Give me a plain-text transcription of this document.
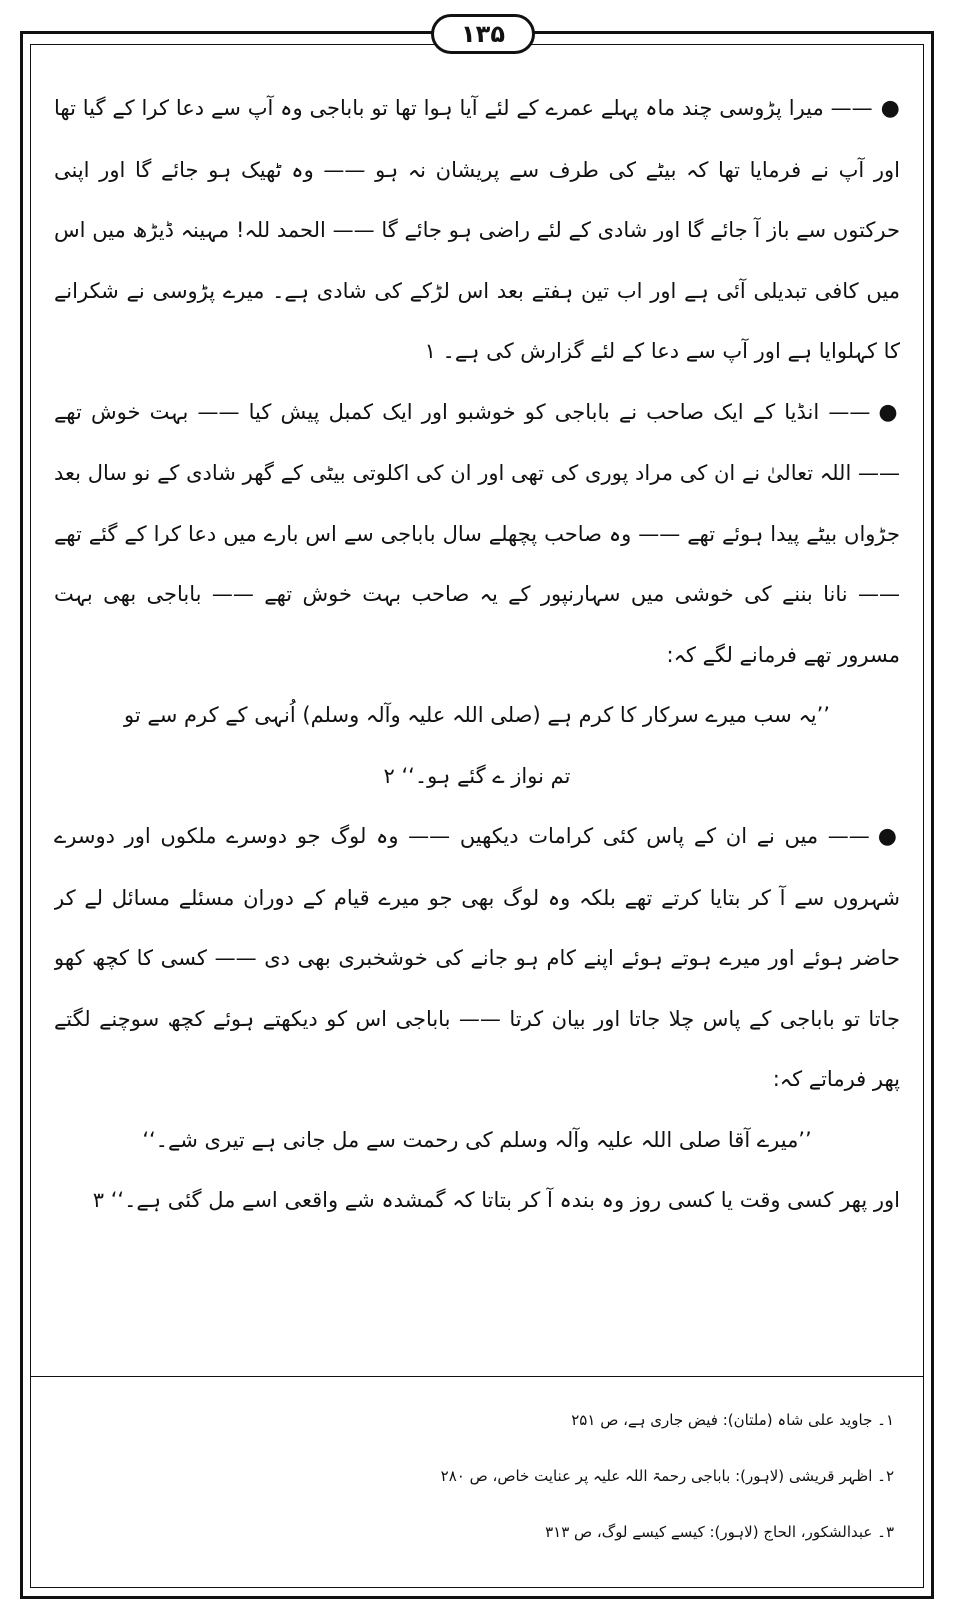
۱۳۵

● —— میرا پڑوسی چند ماہ پہلے عمرے کے لئے آیا ہوا تھا تو باباجی وہ آپ سے دعا کرا کے گیا تھا اور آپ نے فرمایا تھا کہ بیٹے کی طرف سے پریشان نہ ہو —— وہ ٹھیک ہو جائے گا اور اپنی حرکتوں سے باز آ جائے گا اور شادی کے لئے راضی ہو جائے گا —— الحمد للہ! مہینہ ڈیڑھ میں اس میں کافی تبدیلی آئی ہے اور اب تین ہفتے بعد اس لڑکے کی شادی ہے۔ میرے پڑوسی نے شکرانے کا کہلوایا ہے اور آپ سے دعا کے لئے گزارش کی ہے۔ ۱

● —— انڈیا کے ایک صاحب نے باباجی کو خوشبو اور ایک کمبل پیش کیا —— بہت خوش تھے —— اللہ تعالیٰ نے ان کی مراد پوری کی تھی اور ان کی اکلوتی بیٹی کے گھر شادی کے نو سال بعد جڑواں بیٹے پیدا ہوئے تھے —— وہ صاحب پچھلے سال باباجی سے اس بارے میں دعا کرا کے گئے تھے —— نانا بننے کی خوشی میں سہارنپور کے یہ صاحب بہت خوش تھے —— باباجی بھی بہت مسرور تھے فرمانے لگے کہ:

’’یہ سب میرے سرکار کا کرم ہے (صلی اللہ علیہ وآلہ وسلم) اُنہی کے کرم سے تو تم نواز ے گئے ہو۔‘‘ ۲

● —— میں نے ان کے پاس کئی کرامات دیکھیں —— وہ لوگ جو دوسرے ملکوں اور دوسرے شہروں سے آ کر بتایا کرتے تھے بلکہ وہ لوگ بھی جو میرے قیام کے دوران مسئلے مسائل لے کر حاضر ہوئے اور میرے ہوتے ہوئے اپنے کام ہو جانے کی خوشخبری بھی دی —— کسی کا کچھ کھو جاتا تو باباجی کے پاس چلا جاتا اور بیان کرتا —— باباجی اس کو دیکھتے ہوئے کچھ سوچنے لگتے پھر فرماتے کہ:

’’میرے آقا صلی اللہ علیہ وآلہ وسلم کی رحمت سے مل جانی ہے تیری شے۔‘‘

اور پھر کسی وقت یا کسی روز وہ بندہ آ کر بتاتا کہ گمشدہ شے واقعی اسے مل گئی ہے۔‘‘ ۳

۱۔ جاوید علی شاہ (ملتان): فیض جاری ہے، ص ۲۵۱

۲۔ اظہر قریشی (لاہور): باباجی رحمۃ اللہ علیہ پر عنایت خاص، ص ۲۸۰

۳۔ عبدالشکور، الحاج (لاہور): کیسے کیسے لوگ، ص ۳۱۳
